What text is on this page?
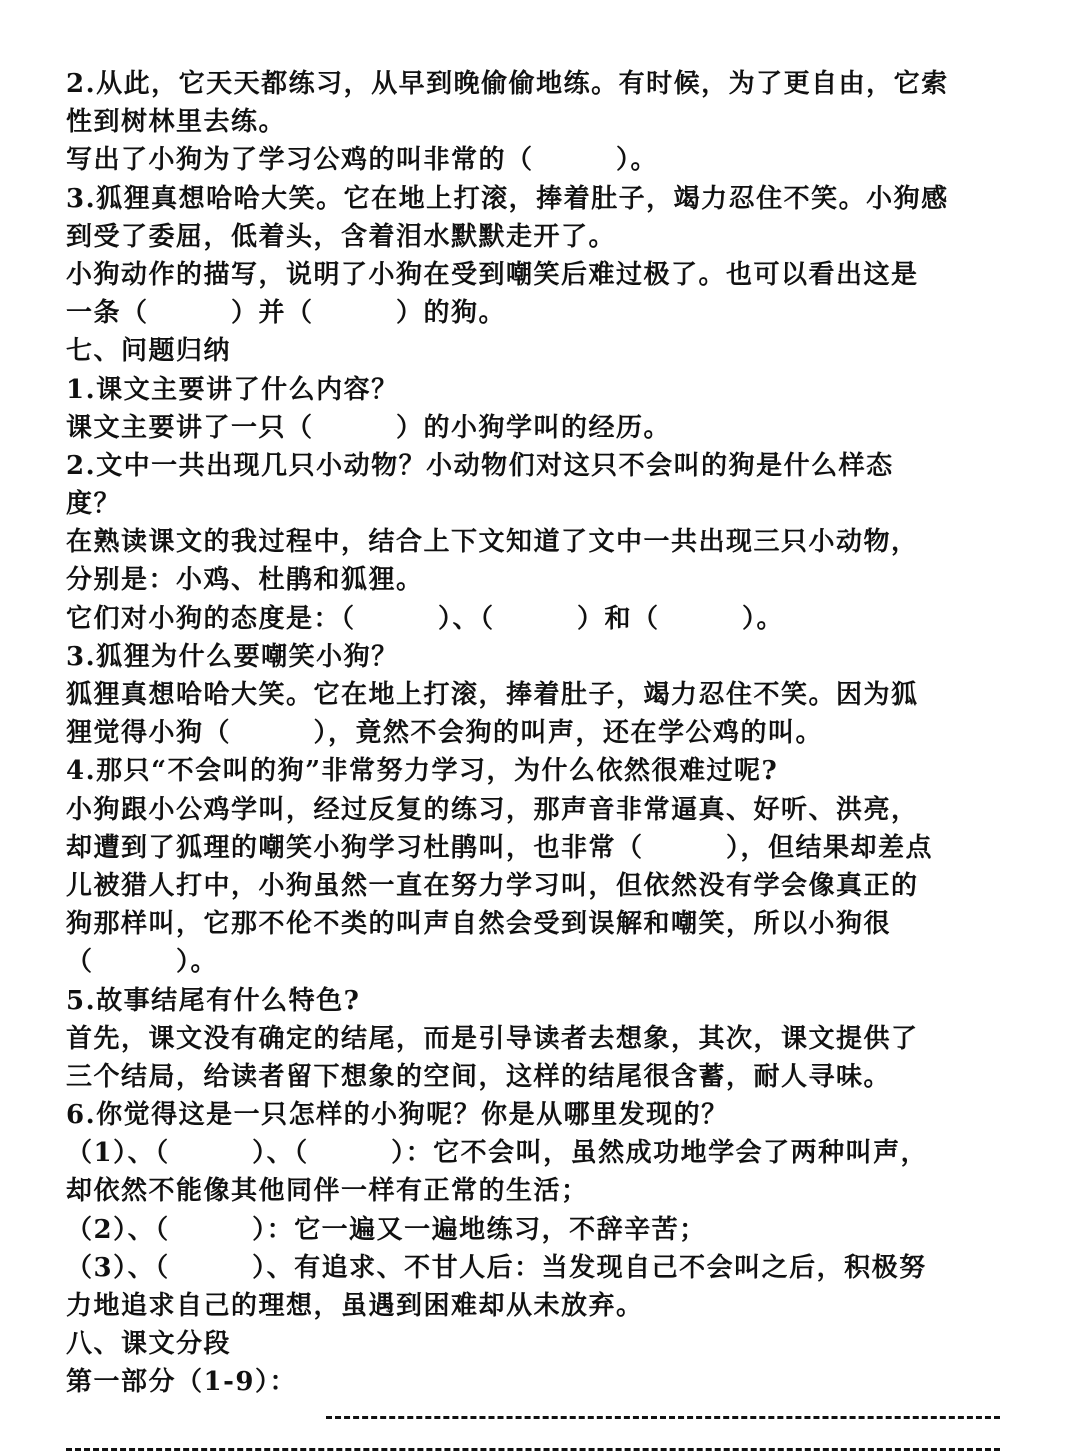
2.从此，它天天都练习，从早到晚偷偷地练。有时候，为了更自由，它索
性到树林里去练。
写出了小狗为了学习公鸡的叫非常的（　　　）。
3.狐狸真想哈哈大笑。它在地上打滚，捧着肚子，竭力忍住不笑。小狗感
到受了委屈，低着头，含着泪水默默走开了。
小狗动作的描写，说明了小狗在受到嘲笑后难过极了。也可以看出这是
一条（　　　）并（　　　）的狗。
七、问题归纳
1.课文主要讲了什么内容？
课文主要讲了一只（　　　）的小狗学叫的经历。
2.文中一共出现几只小动物？小动物们对这只不会叫的狗是什么样态
度？
在熟读课文的我过程中，结合上下文知道了文中一共出现三只小动物，
分别是：小鸡、杜鹃和狐狸。
它们对小狗的态度是：（　　　）、（　　　）和（　　　）。
3.狐狸为什么要嘲笑小狗？
狐狸真想哈哈大笑。它在地上打滚，捧着肚子，竭力忍住不笑。因为狐
狸觉得小狗（　　　），竟然不会狗的叫声，还在学公鸡的叫。
4.那只“不会叫的狗”非常努力学习，为什么依然很难过呢?
小狗跟小公鸡学叫，经过反复的练习，那声音非常逼真、好听、洪亮，
却遭到了狐理的嘲笑小狗学习杜鹃叫，也非常（　　　），但结果却差点
儿被猎人打中，小狗虽然一直在努力学习叫，但依然没有学会像真正的
狗那样叫，它那不伦不类的叫声自然会受到误解和嘲笑，所以小狗很
（　　　）。
5.故事结尾有什么特色?
首先，课文没有确定的结尾，而是引导读者去想象，其次，课文提供了
三个结局，给读者留下想象的空间，这样的结尾很含蓄，耐人寻味。
6.你觉得这是一只怎样的小狗呢？你是从哪里发现的？
（1）、（　　　）、（　　　）：它不会叫，虽然成功地学会了两种叫声，
却依然不能像其他同伴一样有正常的生活；
（2）、（　　　）：它一遍又一遍地练习，不辞辛苦；
（3）、（　　　）、有追求、不甘人后：当发现自己不会叫之后，积极努
力地追求自己的理想，虽遇到困难却从未放弃。
八、课文分段
第一部分（1-9）：
